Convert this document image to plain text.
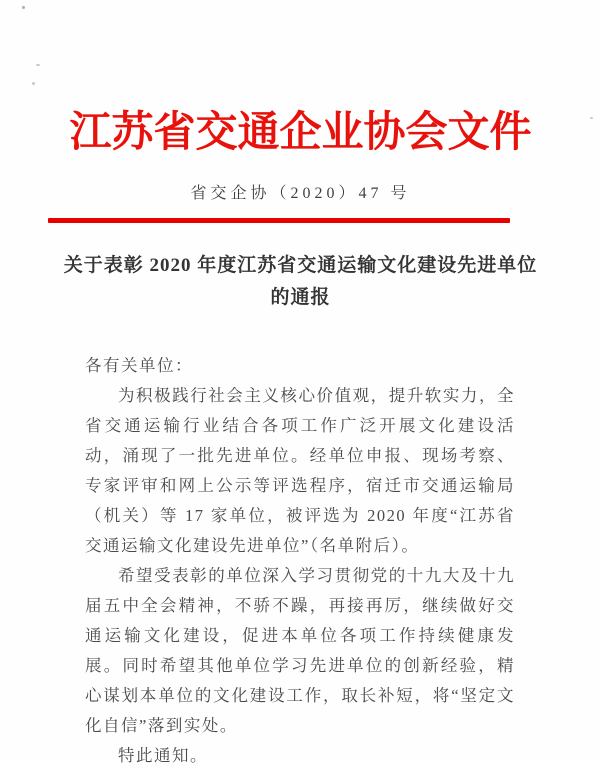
江苏省交通企业协会文件
省交企协（2020）47 号
关于表彰 2020 年度江苏省交通运输文化建设先进单位
的通报

各有关单位：

为积极践行社会主义核心价值观，提升软实力，全省交通运输行业结合各项工作广泛开展文化建设活动，涌现了一批先进单位。经单位申报、现场考察、专家评审和网上公示等评选程序，宿迁市交通运输局（机关）等 17 家单位，被评选为 2020 年度“江苏省交通运输文化建设先进单位”（名单附后）。

希望受表彰的单位深入学习贯彻党的十九大及十九届五中全会精神，不骄不躁，再接再厉，继续做好交通运输文化建设，促进本单位各项工作持续健康发展。同时希望其他单位学习先进单位的创新经验，精心谋划本单位的文化建设工作，取长补短，将“坚定文化自信”落到实处。

特此通知。
